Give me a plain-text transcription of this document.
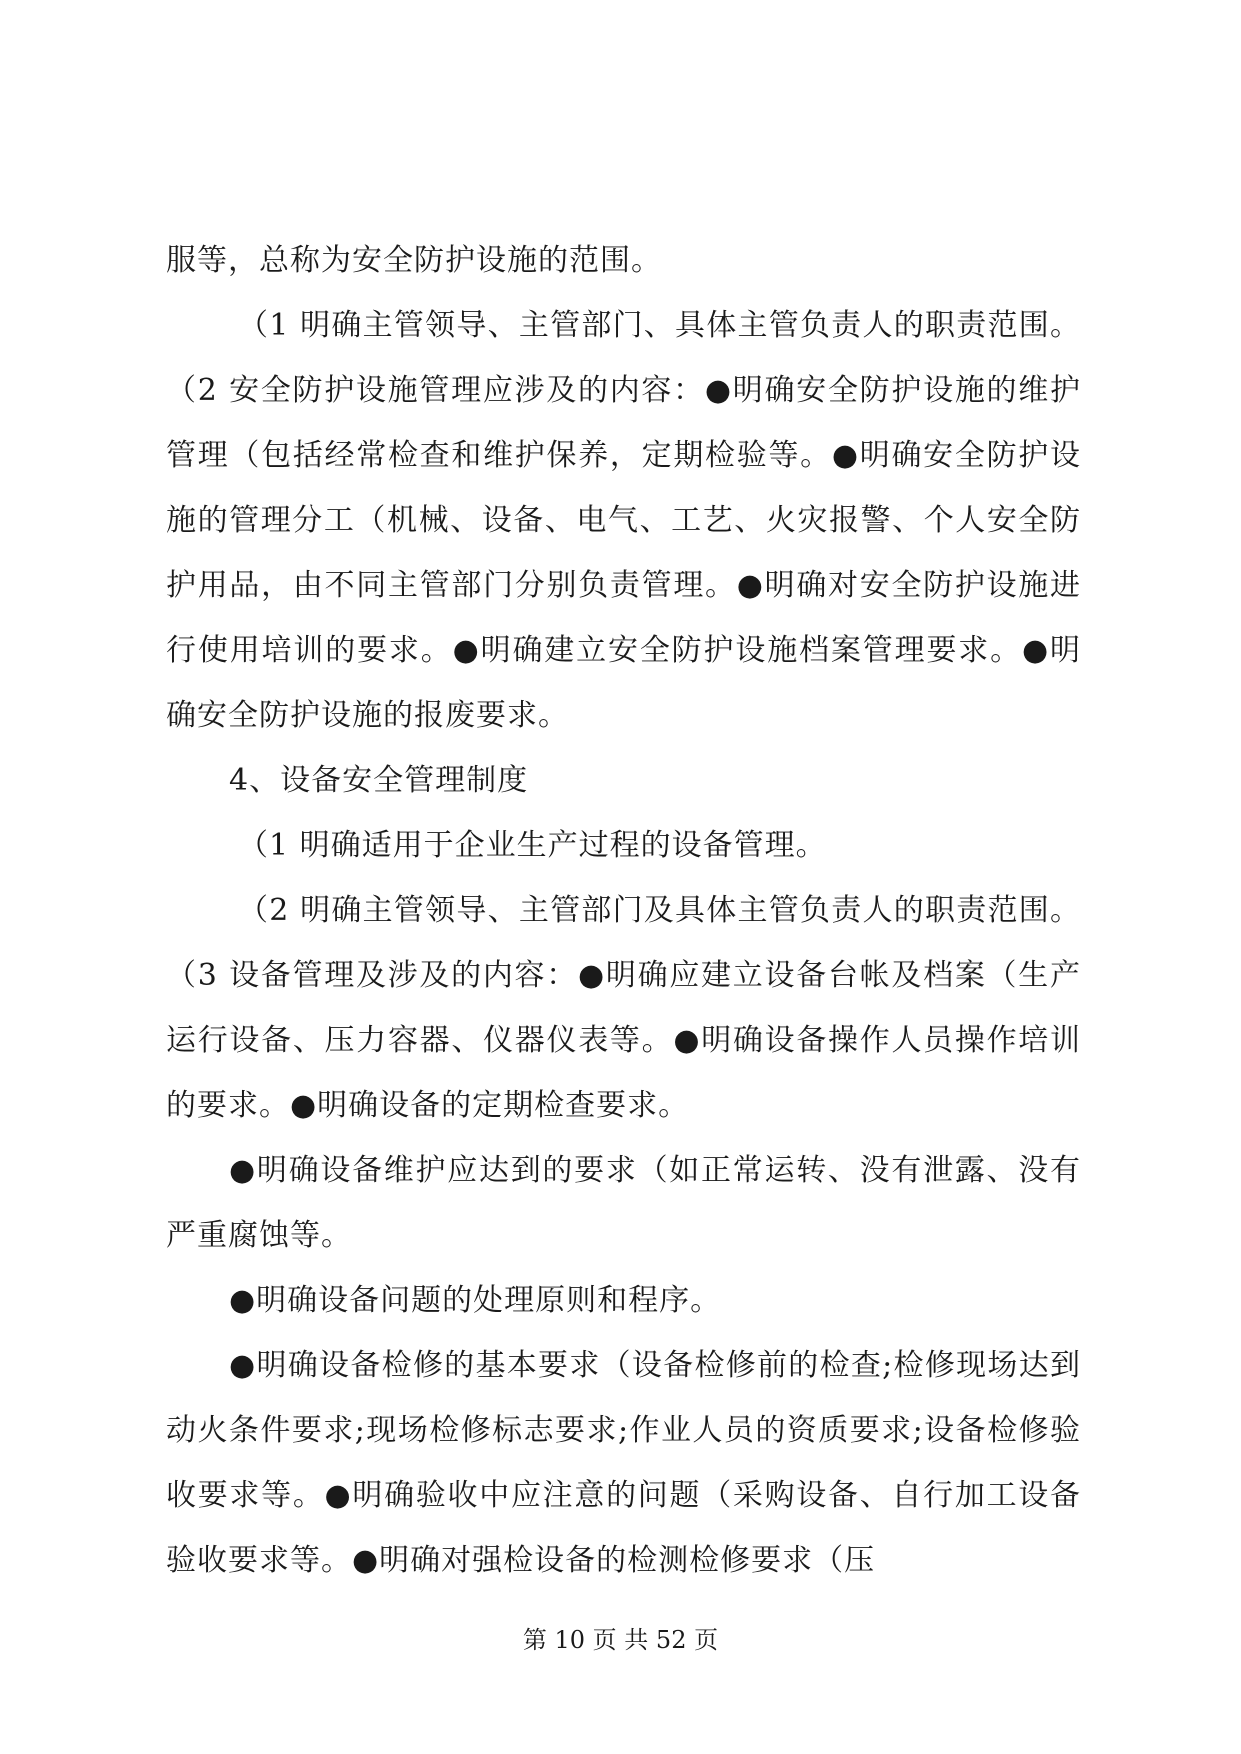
服等，总称为安全防护设施的范围。

（1 明确主管领导、主管部门、具体主管负责人的职责范围。（2 安全防护设施管理应涉及的内容：●明确安全防护设施的维护管理（包括经常检查和维护保养，定期检验等。●明确安全防护设施的管理分工（机械、设备、电气、工艺、火灾报警、个人安全防护用品，由不同主管部门分别负责管理。●明确对安全防护设施进行使用培训的要求。●明确建立安全防护设施档案管理要求。●明确安全防护设施的报废要求。

4、设备安全管理制度

（1 明确适用于企业生产过程的设备管理。

（2 明确主管领导、主管部门及具体主管负责人的职责范围。（3 设备管理及涉及的内容：●明确应建立设备台帐及档案（生产运行设备、压力容器、仪器仪表等。●明确设备操作人员操作培训的要求。●明确设备的定期检查要求。

●明确设备维护应达到的要求（如正常运转、没有泄露、没有严重腐蚀等。

●明确设备问题的处理原则和程序。

●明确设备检修的基本要求（设备检修前的检查;检修现场达到动火条件要求;现场检修标志要求;作业人员的资质要求;设备检修验收要求等。●明确验收中应注意的问题（采购设备、自行加工设备验收要求等。●明确对强检设备的检测检修要求（压

第 10 页 共 52 页
